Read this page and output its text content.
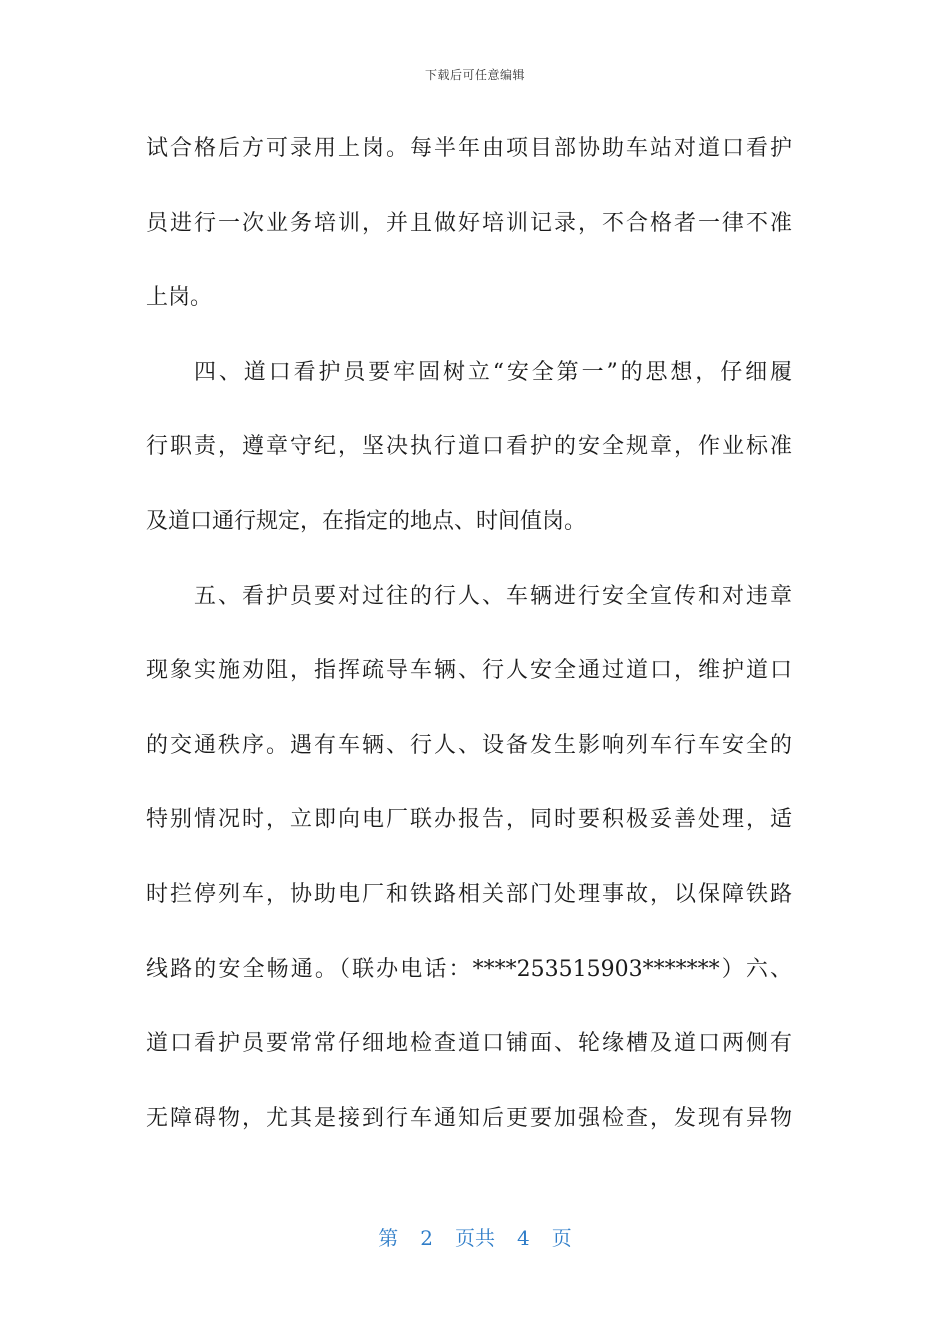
下载后可任意编辑
试合格后方可录用上岗。每半年由项目部协助车站对道口看护
员进行一次业务培训，并且做好培训记录，不合格者一律不准
上岗。
四、道口看护员要牢固树立“安全第一”的思想，仔细履
行职责，遵章守纪，坚决执行道口看护的安全规章，作业标准
及道口通行规定，在指定的地点、时间值岗。
五、看护员要对过往的行人、车辆进行安全宣传和对违章
现象实施劝阻，指挥疏导车辆、行人安全通过道口，维护道口
的交通秩序。遇有车辆、行人、设备发生影响列车行车安全的
特别情况时，立即向电厂联办报告，同时要积极妥善处理，适
时拦停列车，协助电厂和铁路相关部门处理事故，以保障铁路
线路的安全畅通。（联办电话：****253515903*******）六、
道口看护员要常常仔细地检查道口铺面、轮缘槽及道口两侧有
无障碍物，尤其是接到行车通知后更要加强检查，发现有异物
第 2 页共 4 页
